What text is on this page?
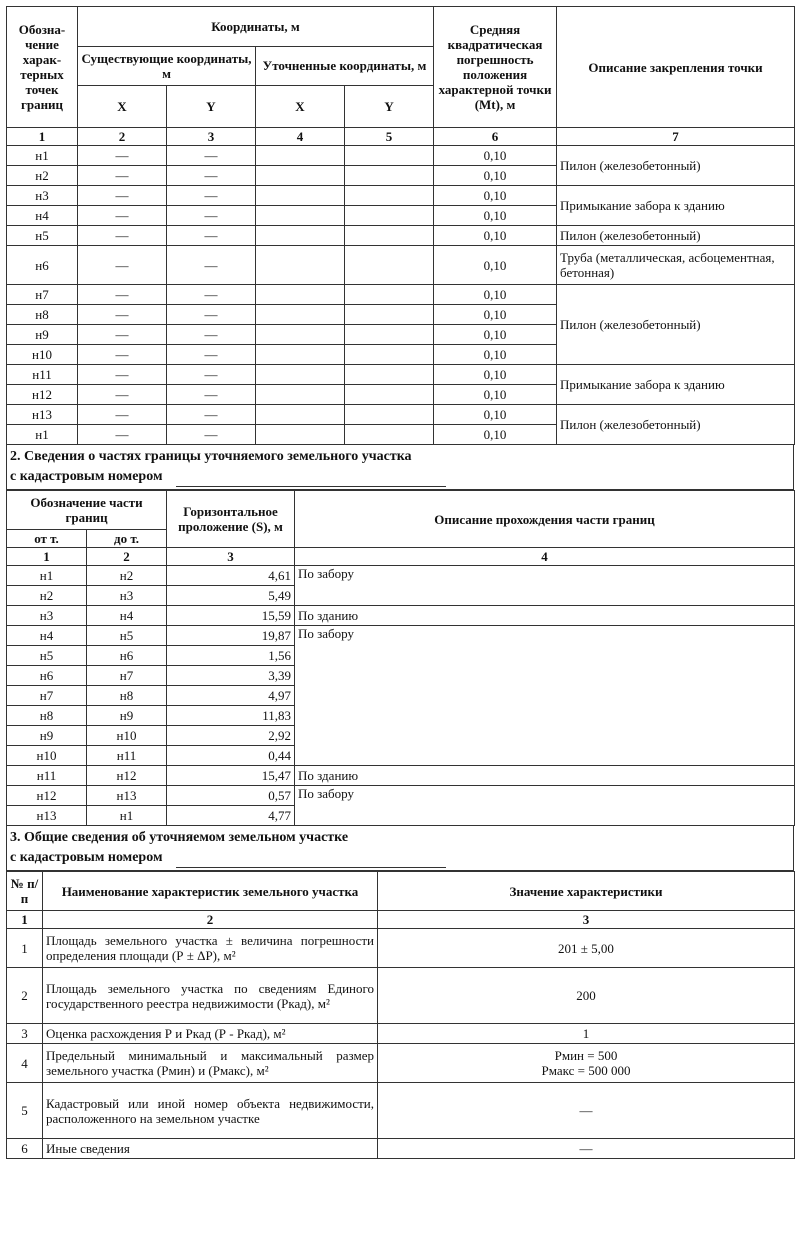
Обозна-чение харак-терных точек границ	Координаты, м				Средняя квадратическая погрешность положения характерной точки (Mt), м	Описание закрепления точки
	Существующие координаты, м		Уточненные координаты, м			
	X	Y	X	Y		
1	2	3	4	5	6	7
н1	—	—			0,10	Пилон (железобетонный)
н2	—	—			0,10	
н3	—	—			0,10	Примыкание забора к зданию
н4	—	—			0,10	
н5	—	—			0,10	Пилон (железобетонный)
н6	—	—			0,10	Труба (металлическая, асбоцементная, бетонная)
н7	—	—			0,10	Пилон (железобетонный)
н8	—	—			0,10	
н9	—	—			0,10	
н10	—	—			0,10	
н11	—	—			0,10	Примыкание забора к зданию
н12	—	—			0,10	
н13	—	—			0,10	Пилон (железобетонный)
н1	—	—			0,10	
2. Сведения о частях границы уточняемого земельного участка
с кадастровым номером
Обозначение части границ		Горизонтальное проложение (S), м	Описание прохождения части границ
от т.	до т.		
1	2	3	4
н1	н2	4,61	По забору
н2	н3	5,49	
н3	н4	15,59	По зданию
н4	н5	19,87	По забору
н5	н6	1,56	
н6	н7	3,39	
н7	н8	4,97	
н8	н9	11,83	
н9	н10	2,92	
н10	н11	0,44	
н11	н12	15,47	По зданию
н12	н13	0,57	По забору
н13	н1	4,77	
3. Общие сведения об уточняемом земельном участке
с кадастровым номером
№ п/п	Наименование характеристик земельного участка	Значение характеристики
1	2	3
1	Площадь земельного участка ± величина погрешности определения площади (Р ± ΔР), м²	201 ± 5,00
2	Площадь земельного участка по сведениям Единого государственного реестра недвижимости (Ркад), м²	200
3	Оценка расхождения Р и Ркад (Р - Ркад), м²	1
4	Предельный минимальный и максимальный размер земельного участка (Рмин) и (Рмакс), м²	Рмин = 500
Рмакс = 500 000

5	Кадастровый или иной номер объекта недвижимости, расположенного на земельном участке	—
6	Иные сведения	—
